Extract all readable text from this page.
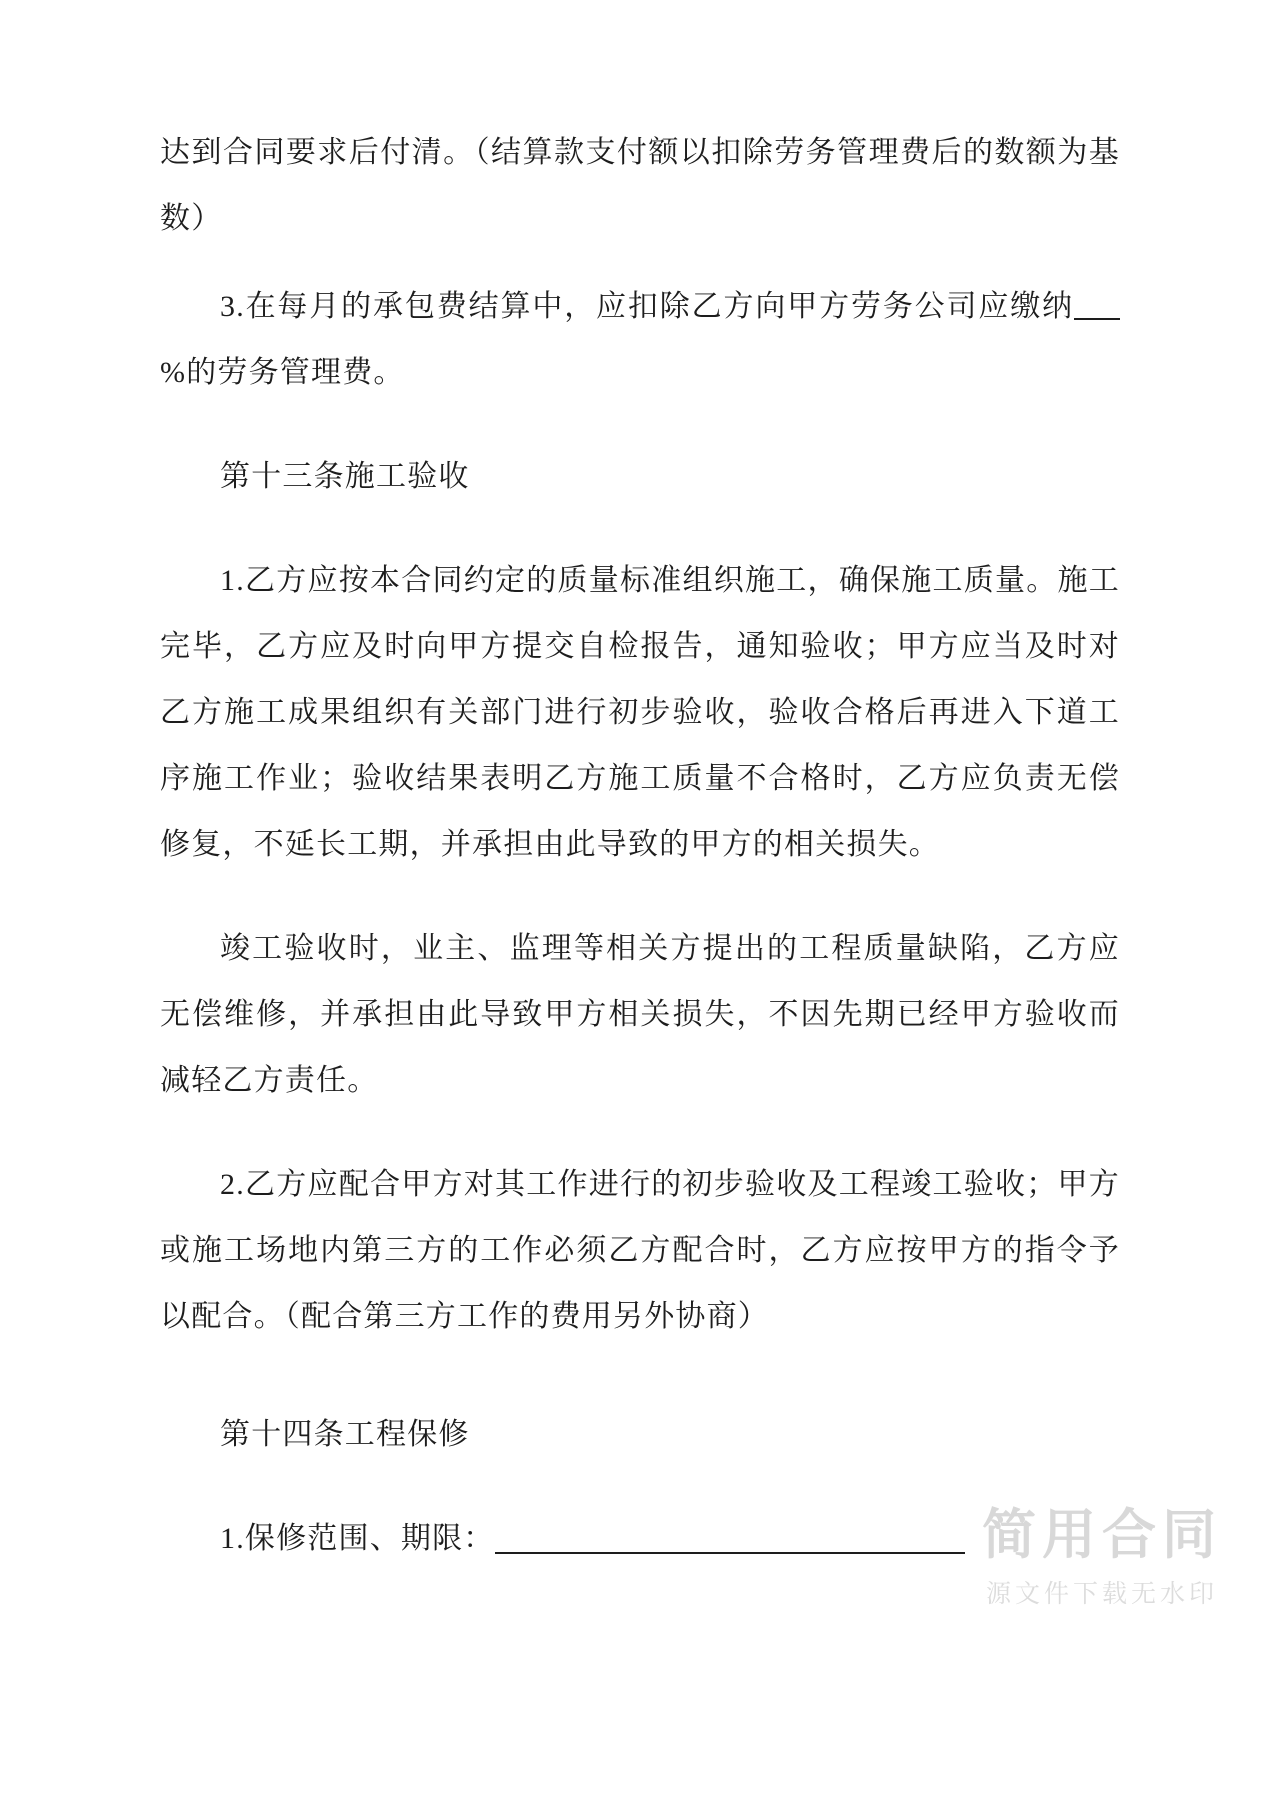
达到合同要求后付清。（结算款支付额以扣除劳务管理费后的数额为基数）

3.在每月的承包费结算中，应扣除乙方向甲方劳务公司应缴纳%的劳务管理费。

第十三条施工验收

1.乙方应按本合同约定的质量标准组织施工，确保施工质量。施工完毕，乙方应及时向甲方提交自检报告，通知验收；甲方应当及时对乙方施工成果组织有关部门进行初步验收，验收合格后再进入下道工序施工作业；验收结果表明乙方施工质量不合格时，乙方应负责无偿修复，不延长工期，并承担由此导致的甲方的相关损失。

竣工验收时，业主、监理等相关方提出的工程质量缺陷，乙方应无偿维修，并承担由此导致甲方相关损失，不因先期已经甲方验收而减轻乙方责任。

2.乙方应配合甲方对其工作进行的初步验收及工程竣工验收；甲方或施工场地内第三方的工作必须乙方配合时，乙方应按甲方的指令予以配合。（配合第三方工作的费用另外协商）

第十四条工程保修

1.保修范围、期限：	简用合同
源文件下载无水印
